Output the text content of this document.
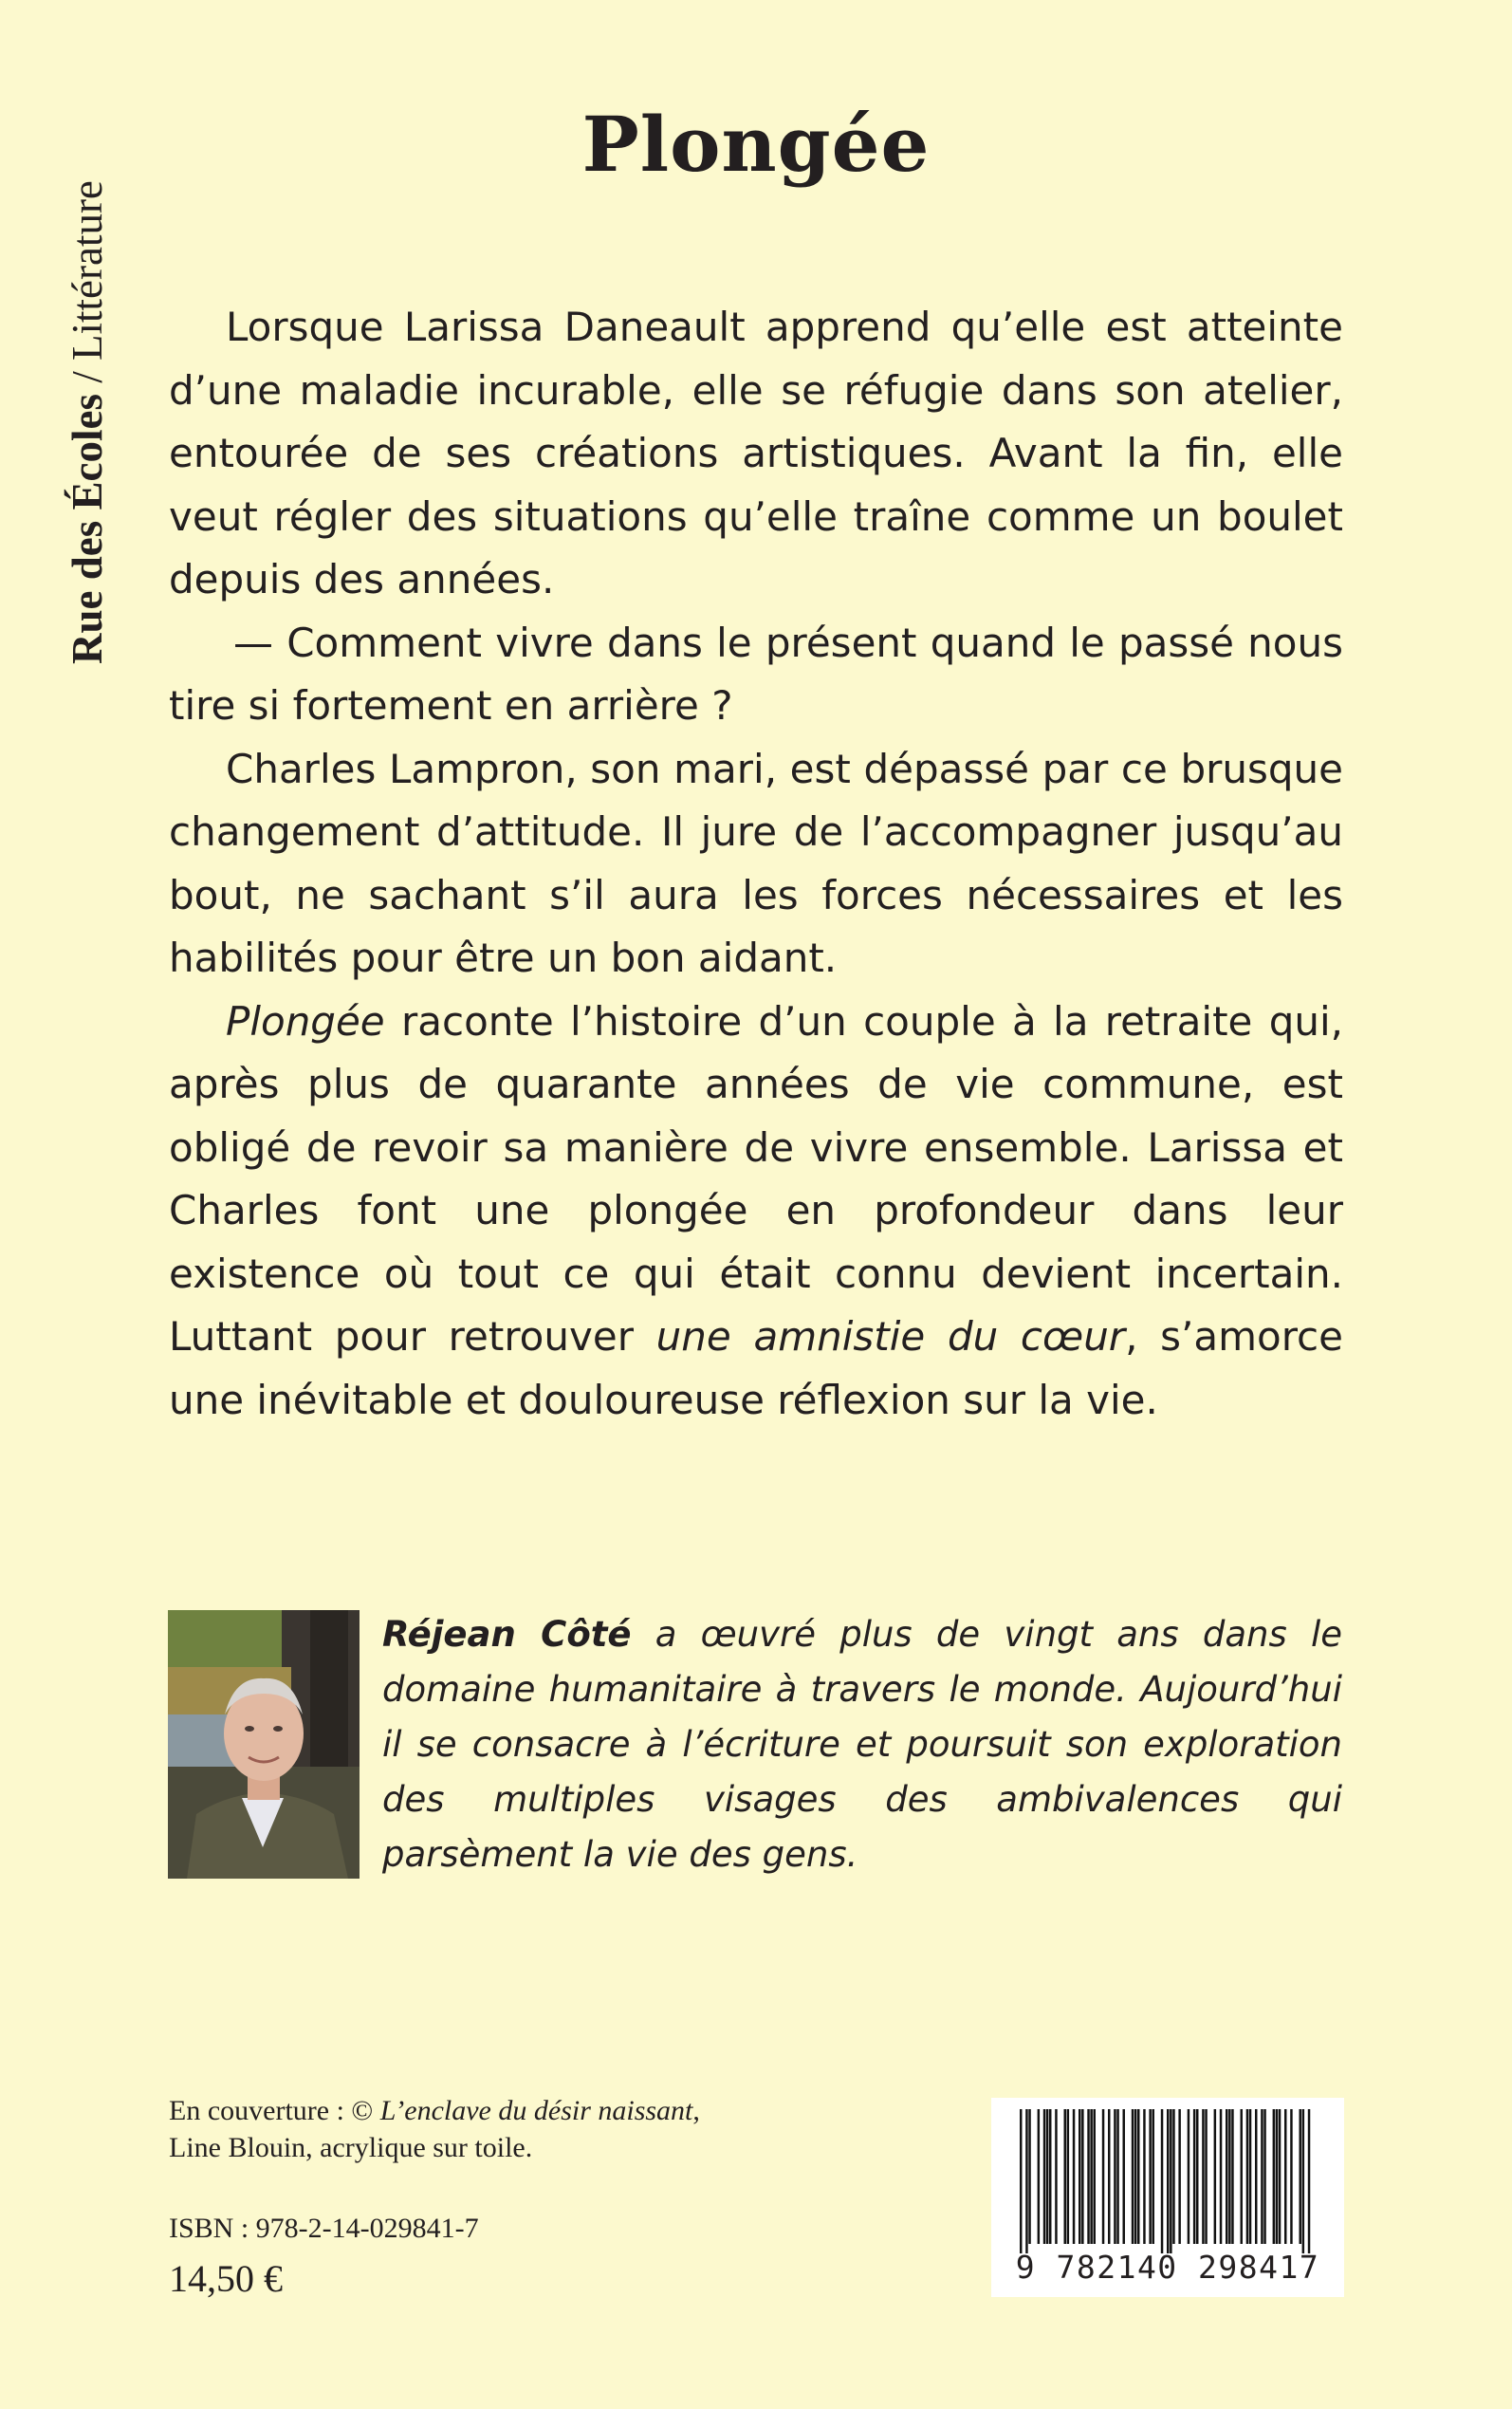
Rue des Écoles / Littérature
Plongée

Lorsque Larissa Daneault apprend qu’elle est atteinte d’une maladie incurable, elle se réfugie dans son atelier, entourée de ses créations artistiques. Avant la fin, elle veut régler des situations qu’elle traîne comme un boulet depuis des années.

— Comment vivre dans le présent quand le passé nous tire si fortement en arrière ?

Charles Lampron, son mari, est dépassé par ce brusque changement d’attitude. Il jure de l’accompagner jusqu’au bout, ne sachant s’il aura les forces nécessaires et les habilités pour être un bon aidant.

Plongée raconte l’histoire d’un couple à la retraite qui, après plus de quarante années de vie commune, est obligé de revoir sa manière de vivre ensemble. Larissa et Charles font une plongée en profondeur dans leur existence où tout ce qui était connu devient incertain. Luttant pour retrouver une amnistie du cœur, s’amorce une inévitable et douloureuse réflexion sur la vie.

Réjean Côté a œuvré plus de vingt ans dans le domaine humanitaire à travers le monde. Aujourd’hui il se consacre à l’écriture et poursuit son exploration des multiples visages des ambivalences qui parsèment la vie des gens.
En couverture : © L’enclave du désir naissant,
Line Blouin, acrylique sur toile.
ISBN : 978-2-14-029841-7
14,50 €	9 782140 298417
